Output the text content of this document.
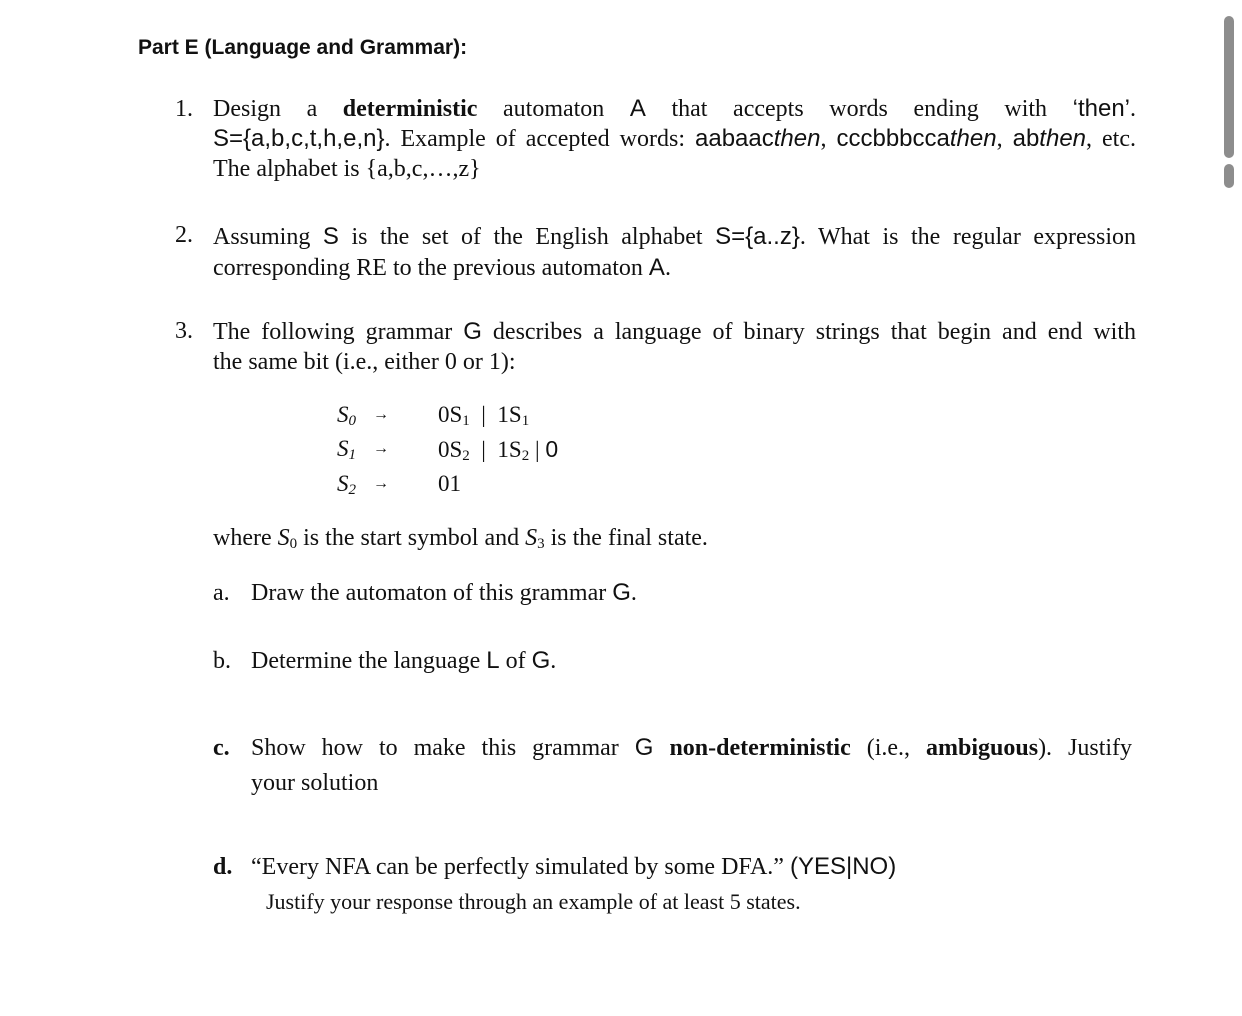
Part E (Language and Grammar):
1. Design a deterministic automaton A that accepts words ending with ‘then’.
S={a,b,c,t,h,e,n}. Example of accepted words: aabaacthen, cccbbbccathen, abthen, etc.
The alphabet is {a,b,c,…,z}
2. Assuming S is the set of the English alphabet S={a..z}. What is the regular expression
corresponding RE to the previous automaton A.
3. The following grammar G describes a language of binary strings that begin and end with
the same bit (i.e., either 0 or 1):
S0 → 0S1 | 1S1
S1 → 0S2 | 1S2 | 0
S2 → 01
where S0 is the start symbol and S3 is the final state.
a. Draw the automaton of this grammar G.
b. Determine the language L of G.
c. Show how to make this grammar G non-deterministic (i.e., ambiguous). Justify
your solution
d. “Every NFA can be perfectly simulated by some DFA.” (YES|NO)
Justify your response through an example of at least 5 states.
